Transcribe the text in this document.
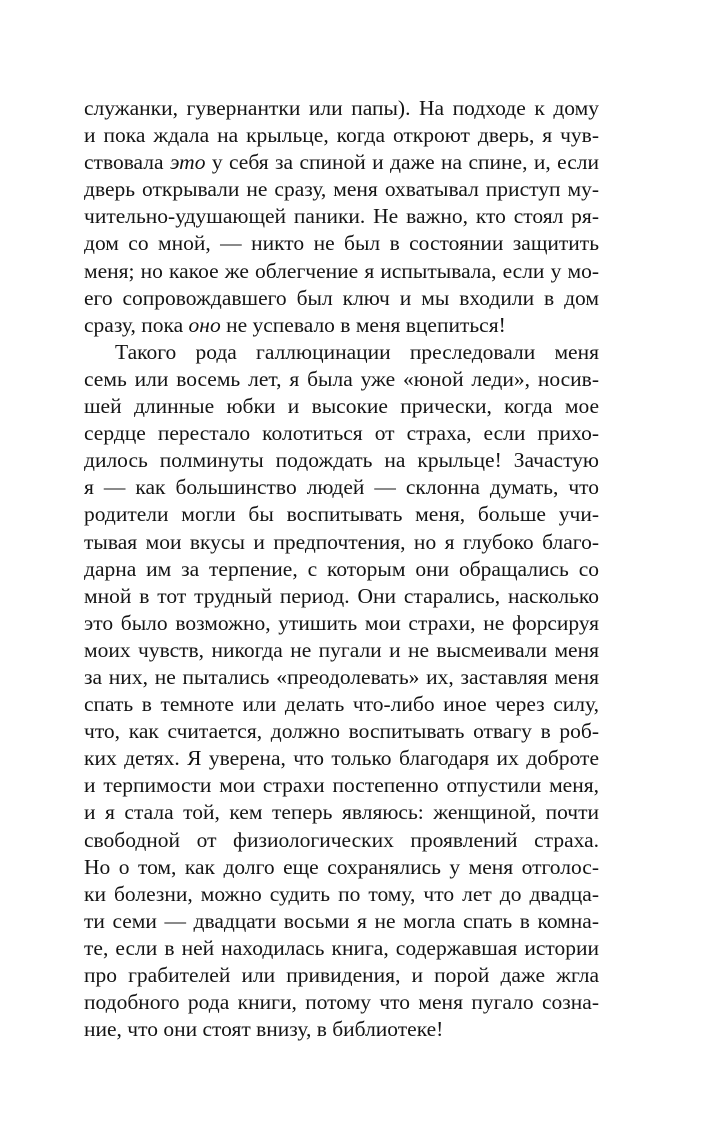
служанки, гувернантки или папы). На подходе к дому
и пока ждала на крыльце, когда откроют дверь, я чув-
ствовала это у себя за спиной и даже на спине, и, если
дверь открывали не сразу, меня охватывал приступ му-
чительно-удушающей паники. Не важно, кто стоял ря-
дом со мной, — никто не был в состоянии защитить
меня; но какое же облегчение я испытывала, если у мо-
его сопровождавшего был ключ и мы входили в дом
сразу, пока оно не успевало в меня вцепиться!
Такого рода галлюцинации преследовали меня
семь или восемь лет, я была уже «юной леди», носив-
шей длинные юбки и высокие прически, когда мое
сердце перестало колотиться от страха, если прихо-
дилось полминуты подождать на крыльце! Зачастую
я — как большинство людей — склонна думать, что
родители могли бы воспитывать меня, больше учи-
тывая мои вкусы и предпочтения, но я глубоко благо-
дарна им за терпение, с которым они обращались со
мной в тот трудный период. Они старались, насколько
это было возможно, утишить мои страхи, не форсируя
моих чувств, никогда не пугали и не высмеивали меня
за них, не пытались «преодолевать» их, заставляя меня
спать в темноте или делать что-либо иное через силу,
что, как считается, должно воспитывать отвагу в роб-
ких детях. Я уверена, что только благодаря их доброте
и терпимости мои страхи постепенно отпустили меня,
и я стала той, кем теперь являюсь: женщиной, почти
свободной от физиологических проявлений страха.
Но о том, как долго еще сохранялись у меня отголос-
ки болезни, можно судить по тому, что лет до двадца-
ти семи — двадцати восьми я не могла спать в комна-
те, если в ней находилась книга, содержавшая истории
про грабителей или привидения, и порой даже жгла
подобного рода книги, потому что меня пугало созна-
ние, что они стоят внизу, в библиотеке!
